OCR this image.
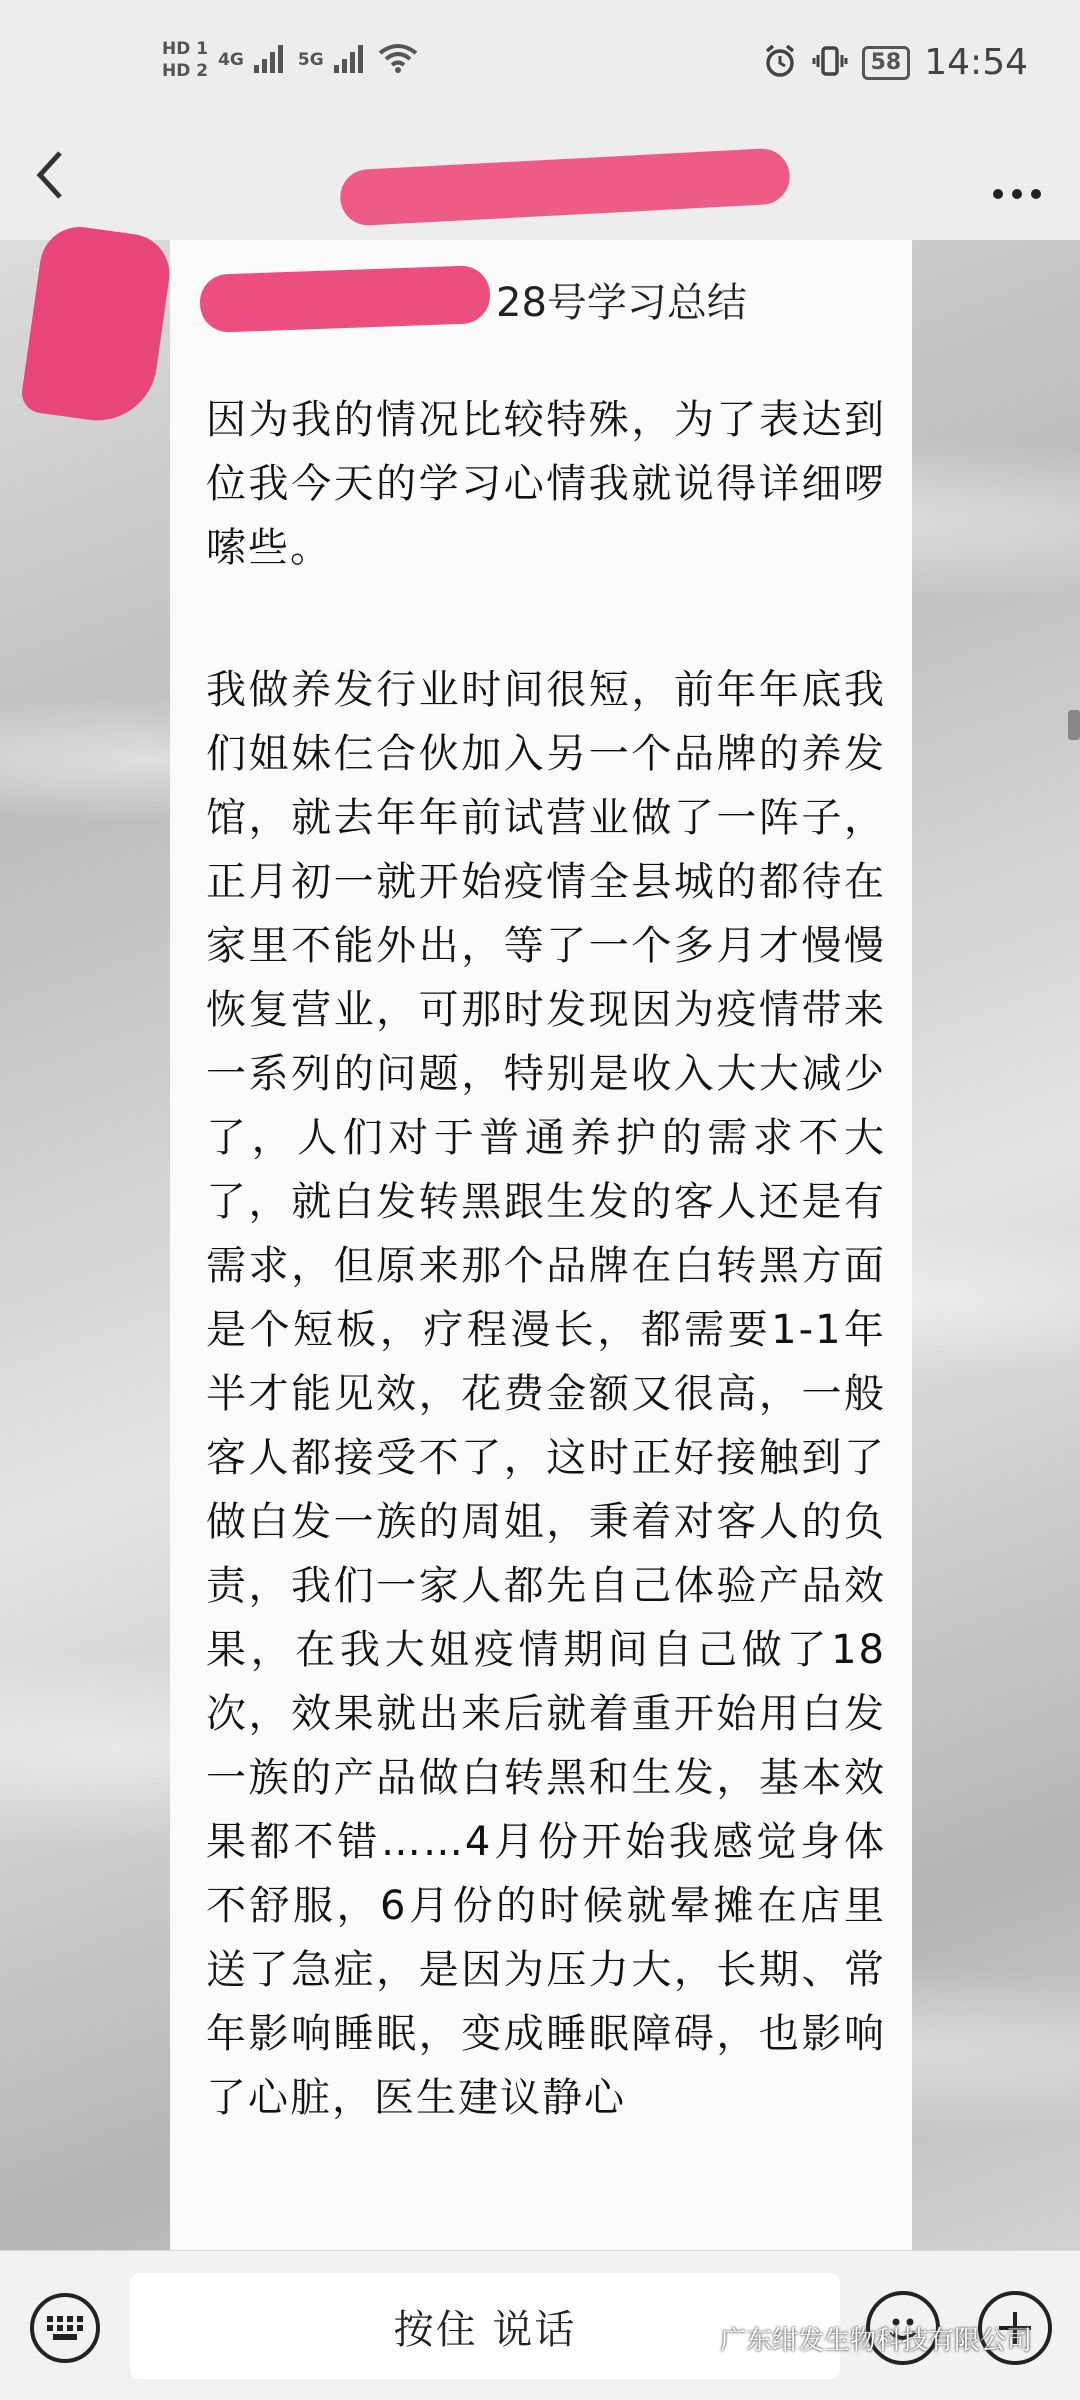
HD 1
HD 2
4G	5G	58 14:54
28号学习总结
因为我的情况比较特殊，为了表达到位我今天的学习心情我就说得详细啰嗦些。
我做养发行业时间很短，前年年底我们姐妹仨合伙加入另一个品牌的养发馆，就去年年前试营业做了一阵子，正月初一就开始疫情全县城的都待在家里不能外出，等了一个多月才慢慢恢复营业，可那时发现因为疫情带来一系列的问题，特别是收入大大减少了，人们对于普通养护的需求不大了，就白发转黑跟生发的客人还是有需求，但原来那个品牌在白转黑方面是个短板，疗程漫长，都需要1-1年半才能见效，花费金额又很高，一般客人都接受不了，这时正好接触到了做白发一族的周姐，秉着对客人的负责，我们一家人都先自己体验产品效果，在我大姐疫情期间自己做了18次，效果就出来后就着重开始用白发一族的产品做白转黑和生发，基本效果都不错……4月份开始我感觉身体不舒服，6月份的时候就晕摊在店里送了急症，是因为压力大，长期、常年影响睡眠，变成睡眠障碍，也影响了心脏，医生建议静心
按住 说话	广东绀发生物科技有限公司
